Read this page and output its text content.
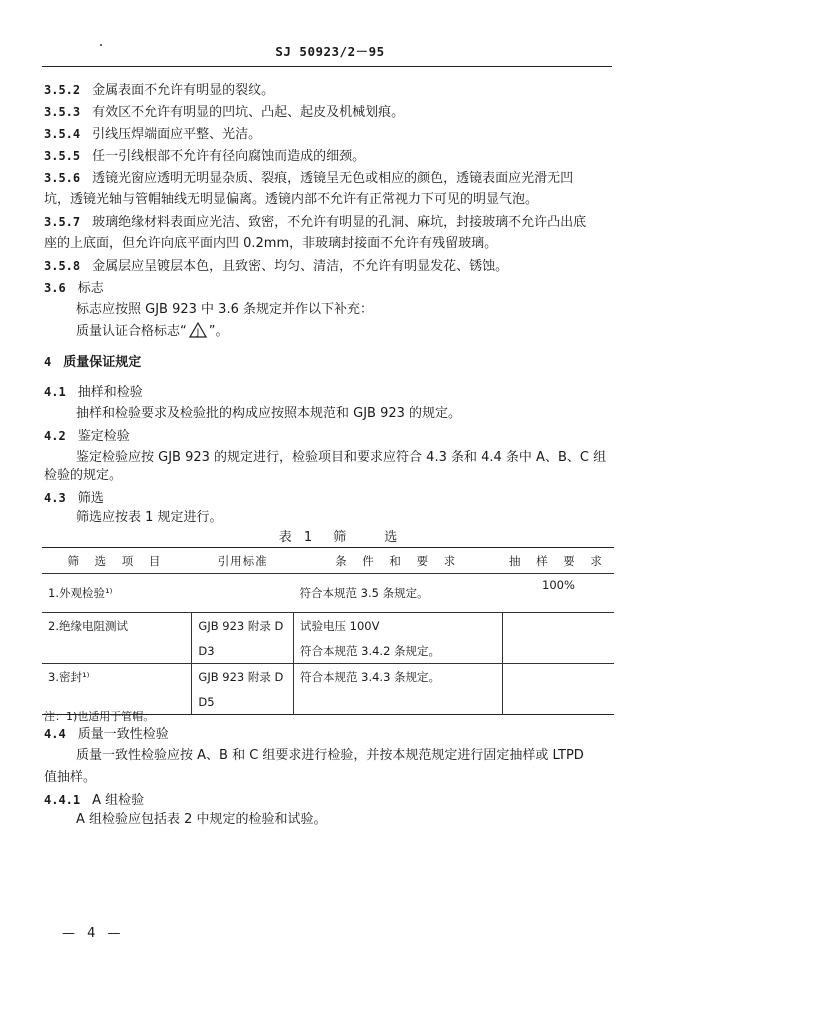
SJ 50923/2－95
3.5.2 金属表面不允许有明显的裂纹。
3.5.3 有效区不允许有明显的凹坑、凸起、起皮及机械划痕。
3.5.4 引线压焊端面应平整、光洁。
3.5.5 任一引线根部不允许有径向腐蚀而造成的细颈。
3.5.6 透镜光窗应透明无明显杂质、裂痕，透镜呈无色或相应的颜色，透镜表面应光滑无凹
坑，透镜光轴与管帽轴线无明显偏离。透镜内部不允许有正常视力下可见的明显气泡。
3.5.7 玻璃绝缘材料表面应光洁、致密，不允许有明显的孔洞、麻坑，封接玻璃不允许凸出底
座的上底面，但允许向底平面内凹 0.2mm，非玻璃封接面不允许有残留玻璃。
3.5.8 金属层应呈镀层本色，且致密、均匀、清洁，不允许有明显发花、锈蚀。
3.6 标志
标志应按照 GJB 923 中 3.6 条规定并作以下补充：
质量认证合格标志“ J ”。
4 质量保证规定
4.1 抽样和检验
抽样和检验要求及检验批的构成应按照本规范和 GJB 923 的规定。
4.2 鉴定检验
鉴定检验应按 GJB 923 的规定进行，检验项目和要求应符合 4.3 条和 4.4 条中 A、B、C 组
检验的规定。
4.3 筛选
筛选应按表 1 规定进行。
表 1　筛　　选
筛 选 项 目	引用标准	条 件 和 要 求	抽 样 要 求
1.外观检验¹⁾		符合本规范 3.5 条规定。	100%
2.绝缘电阻测试	GJB 923 附录 D	试验电压 100V	
	D3	符合本规范 3.4.2 条规定。	
3.密封¹⁾	GJB 923 附录 D	符合本规范 3.4.3 条规定。	
	D5		
注：1)也适用于管帽。
4.4 质量一致性检验
质量一致性检验应按 A、B 和 C 组要求进行检验，并按本规范规定进行固定抽样或 LTPD
值抽样。
4.4.1 A 组检验
A 组检验应包括表 2 中规定的检验和试验。
— 4 —
